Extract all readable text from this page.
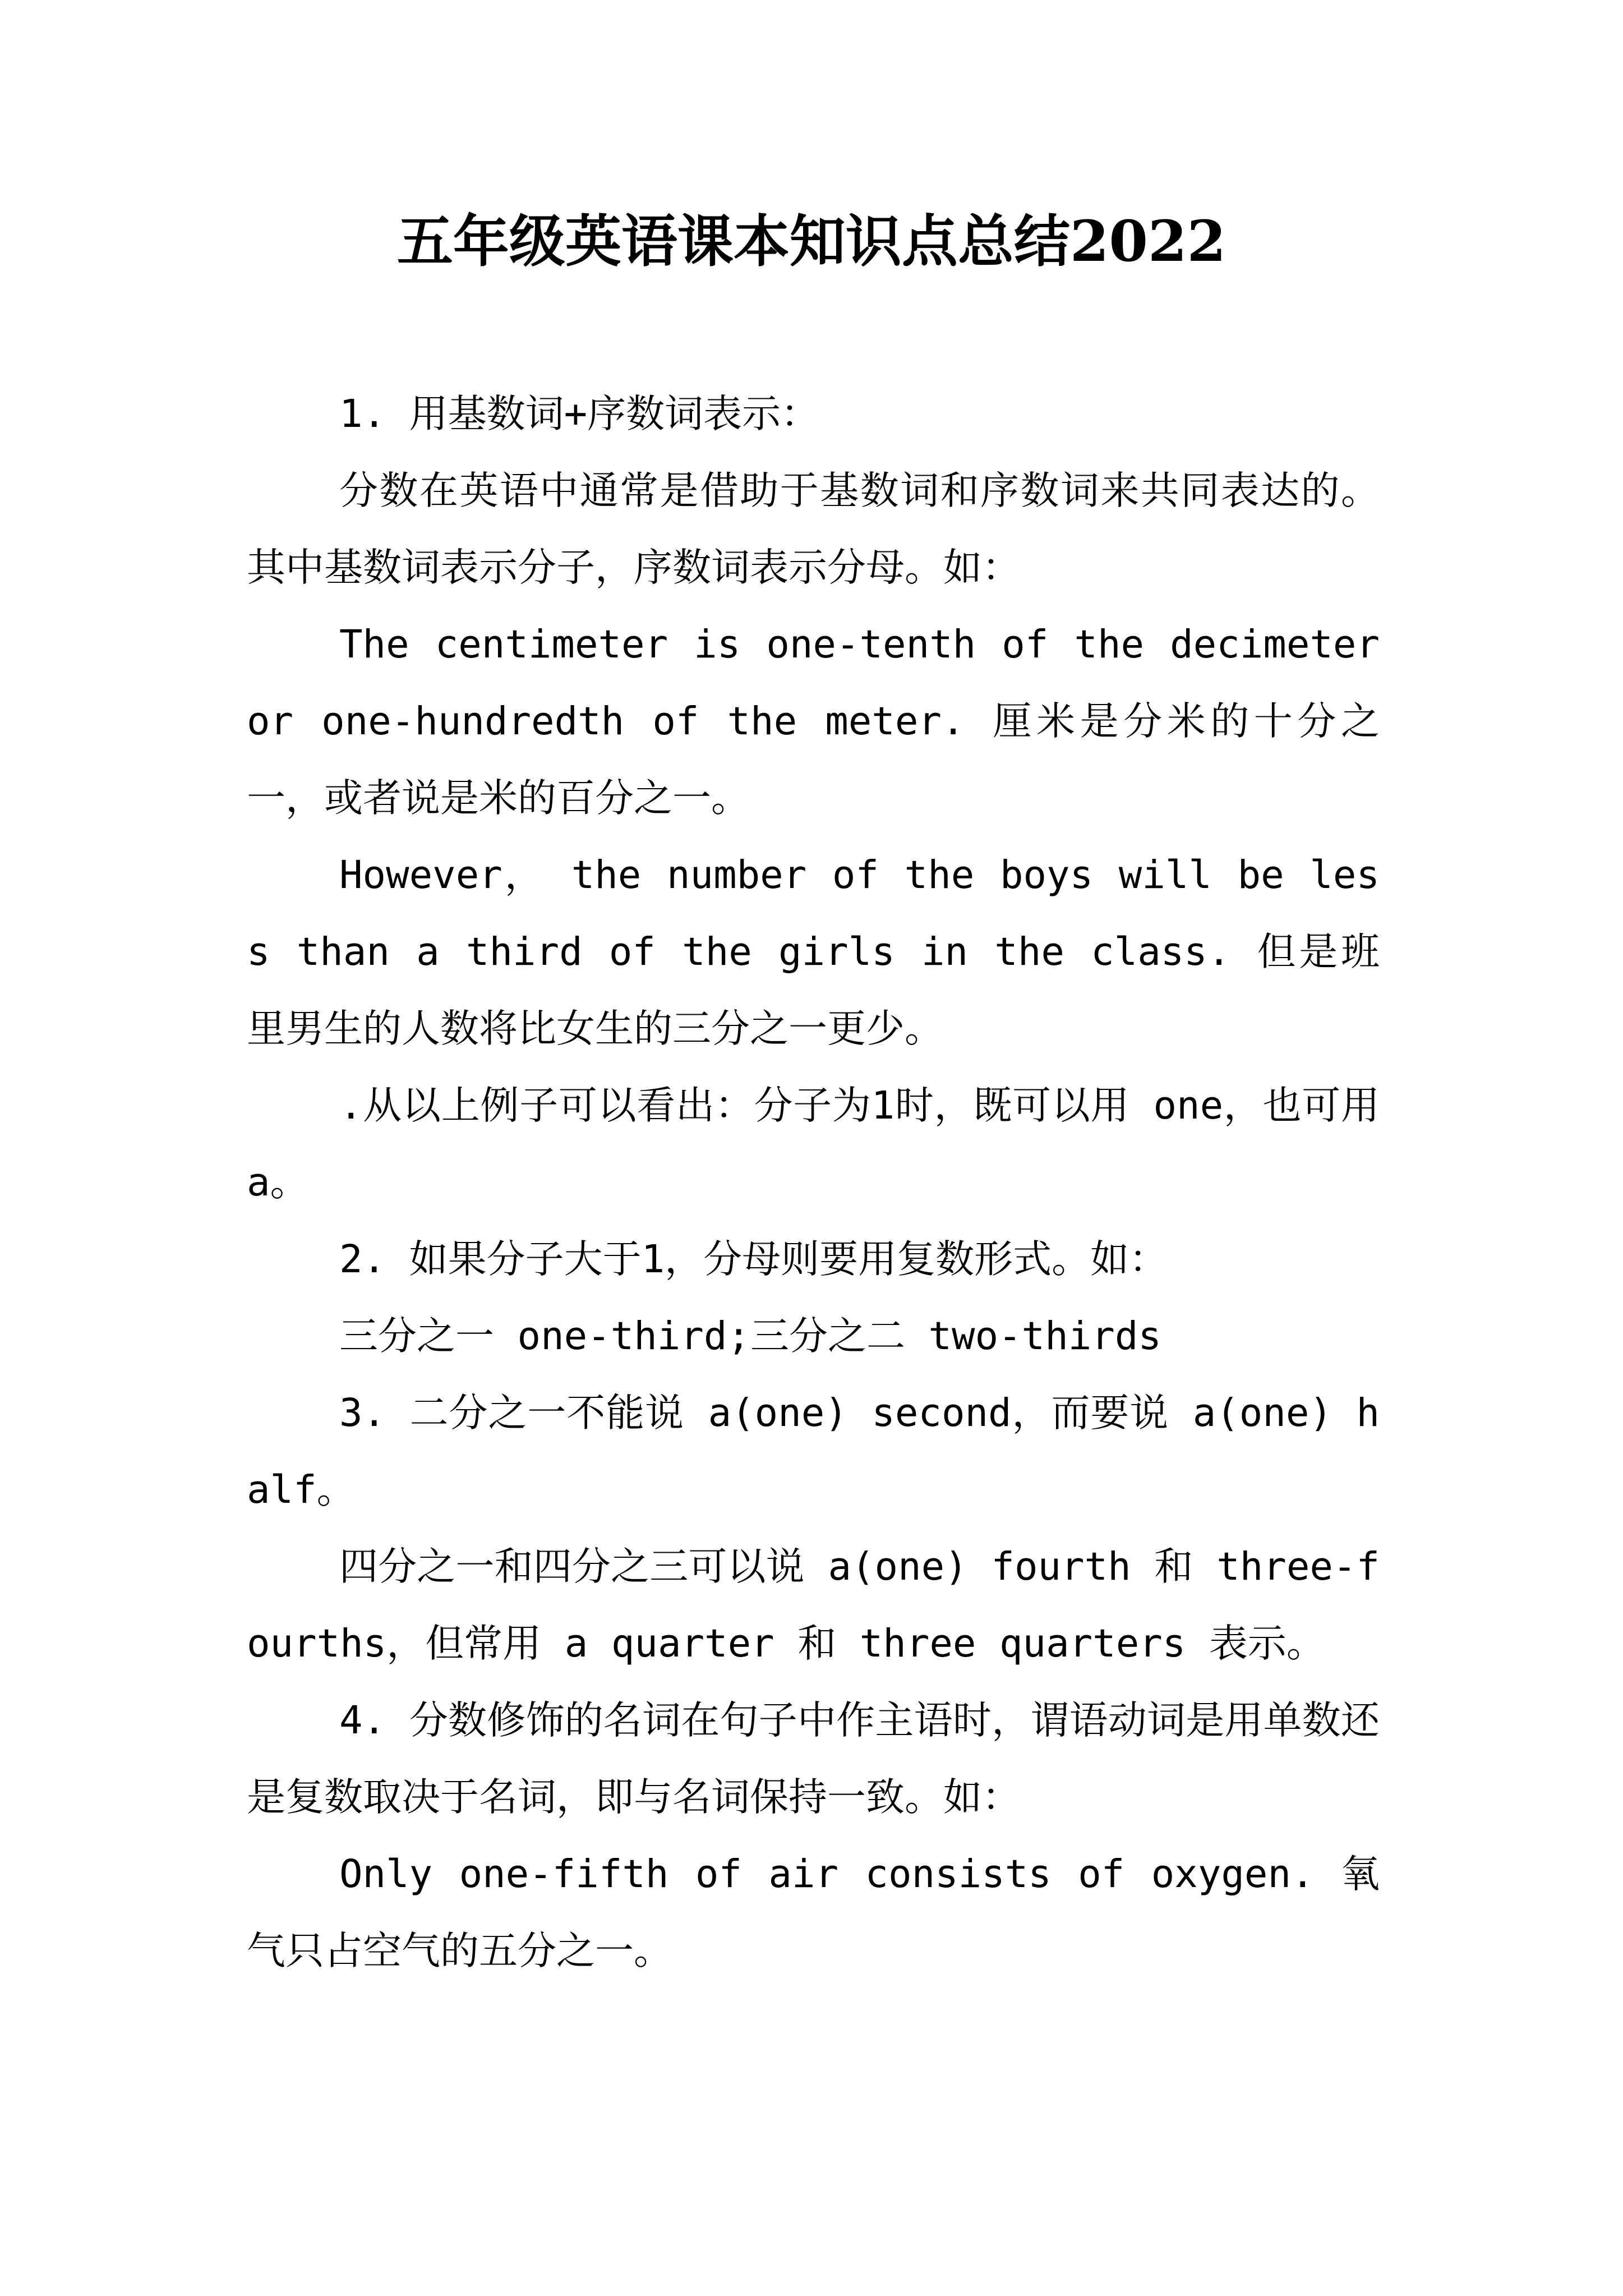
五年级英语课本知识点总结2022

1. 用基数词+序数词表示：

分数在英语中通常是借助于基数词和序数词来共同表达的。其中基数词表示分子，序数词表示分母。如：

The centimeter is one-tenth of the decimeter or one-hundredth of the meter. 厘米是分米的十分之一，或者说是米的百分之一。

However， the number of the boys will be less than a third of the girls in the class. 但是班里男生的人数将比女生的三分之一更少。

.从以上例子可以看出：分子为1时，既可以用 one，也可用a。

2. 如果分子大于1，分母则要用复数形式。如：

三分之一 one-third;三分之二 two-thirds

3. 二分之一不能说 a(one) second，而要说 a(one) half。

四分之一和四分之三可以说 a(one) fourth 和 three-fourths，但常用 a quarter 和 three quarters 表示。

4. 分数修饰的名词在句子中作主语时，谓语动词是用单数还是复数取决于名词，即与名词保持一致。如：

Only one-fifth of air consists of oxygen. 氧气只占空气的五分之一。
